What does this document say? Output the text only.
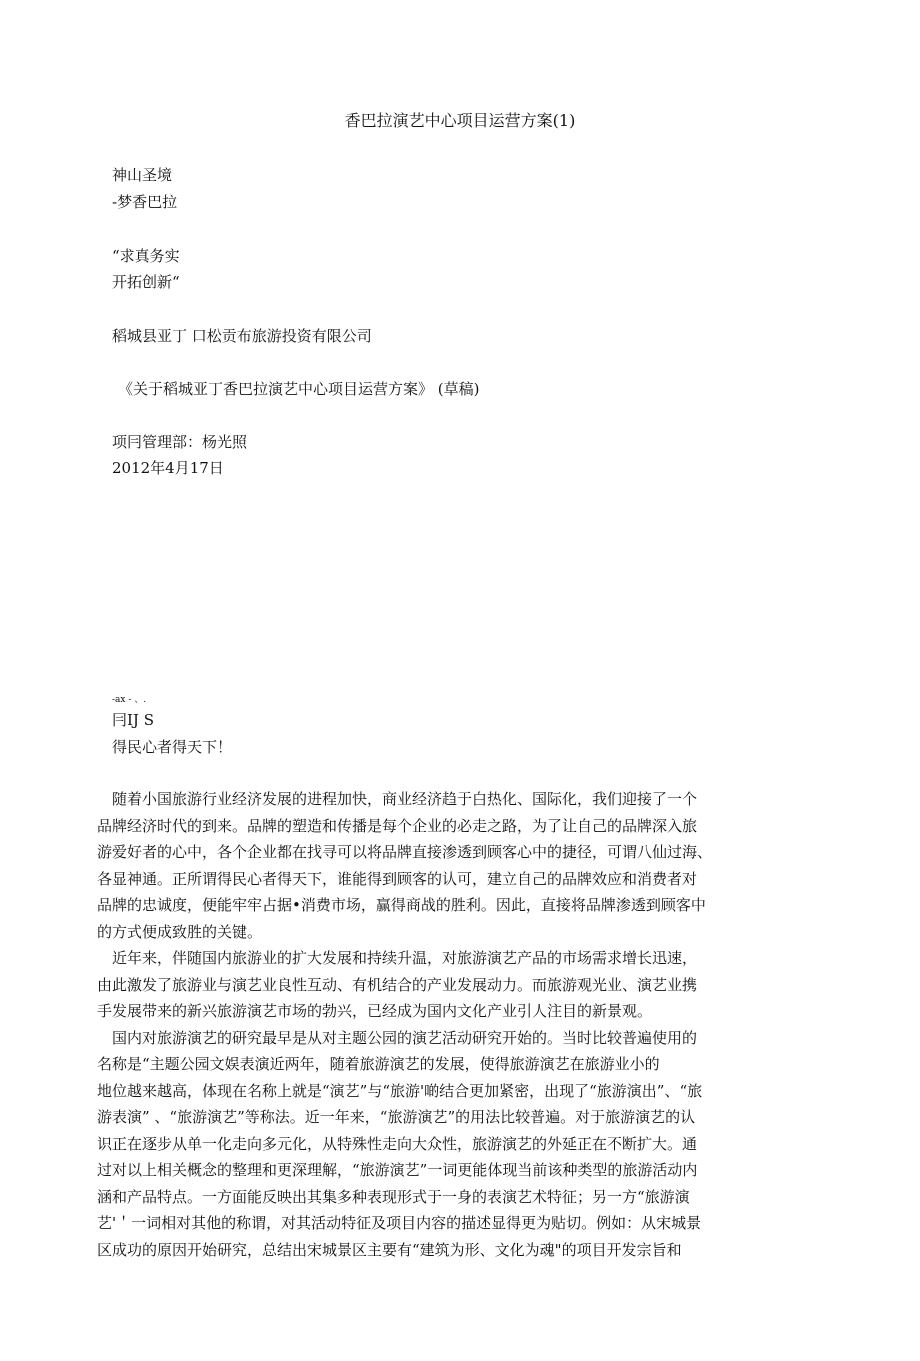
香巴拉演艺中心项目运营方案(1)
神山圣境
-梦香巴拉
“求真务实
开拓创新“
稻城县亚丁 口松贡布旅游投资有限公司
《关于稻城亚丁香巴拉演艺中心项目运营方案》 (草稿)
项冃管理部：杨光照
2012年4月17日
-ax - 、.
冃IJ S
得民心者得天下！
随着小国旅游行业经济发展的进程加快，商业经济趋于白热化、国际化，我们迎接了一个
品牌经济时代的到来。品牌的塑造和传播是每个企业的必走之路，为了让自己的品牌深入旅
游爱好者的心中，各个企业都在找寻可以将品牌直接渗透到顾客心中的捷径，可谓八仙过海、
各显神通。正所谓得民心者得天下，谁能得到顾客的认可，建立自己的品牌效应和消费者对
品牌的忠诚度，便能牢牢占据•消费市场，赢得商战的胜利。因此，直接将品牌渗透到顾客中
的方式便成致胜的关键。
近年来，伴随国内旅游业的扩大发展和持续升温，对旅游演艺产品的市场需求增长迅速，
由此激发了旅游业与演艺业良性互动、有机结合的产业发展动力。而旅游观光业、演艺业携
手发展带来的新兴旅游演艺市场的勃兴，已经成为国内文化产业引人注目的新景观。
国内对旅游演艺的研究最早是从对主题公园的演艺活动研究开始的。当时比较普遍使用的
名称是“主题公园文娱表演近两年，随着旅游演艺的发展，使得旅游演艺在旅游业小的
地位越来越高，体现在名称上就是“演艺”与“旅游'啲结合更加紧密，出现了“旅游演出”、“旅
游表演” 、“旅游演艺”等称法。近一年来，“旅游演艺”的用法比较普遍。对于旅游演艺的认
识正在逐步从单一化走向多元化，从特殊性走向大众性，旅游演艺的外延正在不断扩大。通
过对以上相关概念的整理和更深理解，“旅游演艺”一词更能体现当前该种类型的旅游活动内
涵和产品特点。一方面能反映出其集多种表现形式于一身的表演艺术特征；另一方“旅游演
艺'＇一词相对其他的称谓，对其活动特征及项目内容的描述显得更为贴切。例如：从宋城景
区成功的原因开始研究，总结出宋城景区主要有“建筑为形、文化为魂"的项目开发宗旨和
